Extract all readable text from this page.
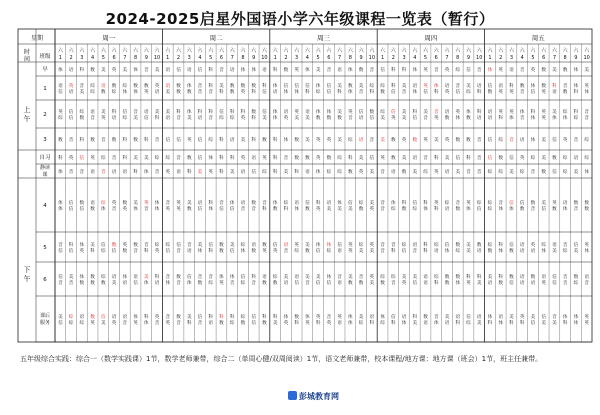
2024-2025启星外国语小学六年级课程一览表（暂行）
星期
时
间 班级
上
午
下
午
早
1
2
3
自习
静读
课
4
5
6
课后
服务
周一
六
1
六
2
六
3
六
4
六
5
六
6
六
7
六
8
六
9
六
10
周二
六
1
六
2
六
3
六
4
六
5
六
6
六
7
六
8
六
9
六
10
周三
六
1
六
2
六
3
六
4
六
5
六
6
六
7
六
8
六
9
六
10
周四
六
1
六
2
六
3
六
4
六
5
六
6
六
7
六
8
六
9
六
10
周五
六
1
六
2
六
3
六
4
六
5
六
6
六
7
六
8
六
9
六
10
体 语 科 数 美 英 美 体 音 美 语 信 语 信 科 音 语 体 体 语 科 数 英 体 美 音 语 体 数 音 信 科 科 体 英 音 英 综 信 音 体 英 语 音 英 数 美 数 体 美
语
信
英
语
音
美
综
综
语
数
数
综
综
体
数
体
数
英
英
语
语
美
数
数
体
数
音
音
科
音
美
科
数
数
数
英
数
科
科
信
体
语
信
体
信
体
信
科
体
综
信
信
美
科
数
体
美
音
综
科
综
数
科
信
美
音
语
体
英
信
体
科
语
英
音
信
美
综
语
科
信
数
语
英
科
英
数
音
体
信
数
英
科
语
音
数
体
科
英
体
英
综
信
信
综
数
语
音
美
英
科
语
信
综
音
美
语
信
美
科
美
语
科
音
体
美
科
语
科
音
信
综
科
综
科
英
数
科
信
美
体
体
语
英
英
美
语
美
体
数
体
数
美
数
英
音
信
语
数
信
综
美
信
英
美
美
科
信
美
音
音
英
语
数
英
体
体
数
科
语
语
语
英
科
英
体
体
音
科
体
英
英
美
体
综
体
科
综
音
音
数 音 科 数 音 数 科 数 科 音 信 信 英 信 综 科 语 美 科 数 科 体 数 美 英 英 美 综 语 音 美 数 英 数 英 美 英 数 数 音 信 综 音 语 体 美 信 英 音 综
科 英 信 英 综 音 科 美 美 综 综 音 数 信 体 科 科 英 语 英 科 音 数 数 英 数 综 科 美 信 英 数 美 语 音 科 美 信 科 音 信 数 信 英 综 美 数 综 语 综
体 音 音 语 音 语 语 科 体 音 英 语 科 美 英 科 美 语 信 综 科 美 科 语 体 综 综 数 英 美 音 语 数 美 综 英 语 美 音 音 综 综 美 综 音 数 信 综 美 体
体
体
信
信
数
信
语
数
综
体
英
音
数
英
美
体
英
音
体
体
音
英
英
英
美
数
语
信
科
体
音
信
体
信
语
音
数
音
音
科
体
数
综
科
语
体
信
数
科
英
语
美
体
美
信
美
综
数
美
英
音
音
体
综
科
数
信
综
科
体
英
科
综
语
音
数
英
体
综
信
综
综
音
体
信
体
信
数
数
音
美
信
英
数
语
体
数
音
数
数
音
信
科
信
体
英
美
科
信
综
数
信
英
数
数
音
音
科
综
英
综
信
信
音
音
语
美
体
信
科
数
数
美
信
综
体
语
数
数
英
信
英
语
音
英
综
美
数
体
信
体
综
信
语
英
英
综
美
英
美
音
音
音
科
综
信
语
音
科
科
综
语
信
体
数
综
美
美
数
语
综
数
科
体
信
数
语
语
英
语
综
体
语
美
音
综
信
美
英
体
信
音
美
音
体
数
数
数
综
数
语
美
体
语
语
信
美
体
科
语
音
体
数
音
信
体
音
数
音
综
体
英
体
音
信
综
科
音
语
数
综
数
美
语
语
信
美
音
美
信
体
信
音
语
美
数
音
数
英
美
综
数
综
音
美
英
美
信
语
语
综
科
数
数
数
体
科
英
科
美
美
语
科
数
数
信
语
语
数
语
语
英
信
信
音
音
数
综
语
音
美
信
综
综
语
综
数
英
信
美
语
英
语
音
体
英
科
体
英
音
音
英
数
音
美
科
信
音
科
语
科
数
科
综
综
数
信
信
科
数
科
美
体
英
数
科
体
英
英
科
音
英
英
语
体
体
美
综
语
科
体
综
信
科
语
体
科
美
数
语
音
体
美
语
语
科
信
综
语
美
体
科
语
体
美
科
英
科
美
信
信
美
音
美
体
科
体
体
英
英
五年级综合实践：综合一（数学实践课）1节，数学老师兼带，综合二（单周心健/双周阅读）1节，语文老师兼带，校本课程/地方课：地方课（班会）1节，班主任兼带。
彭城教育网
